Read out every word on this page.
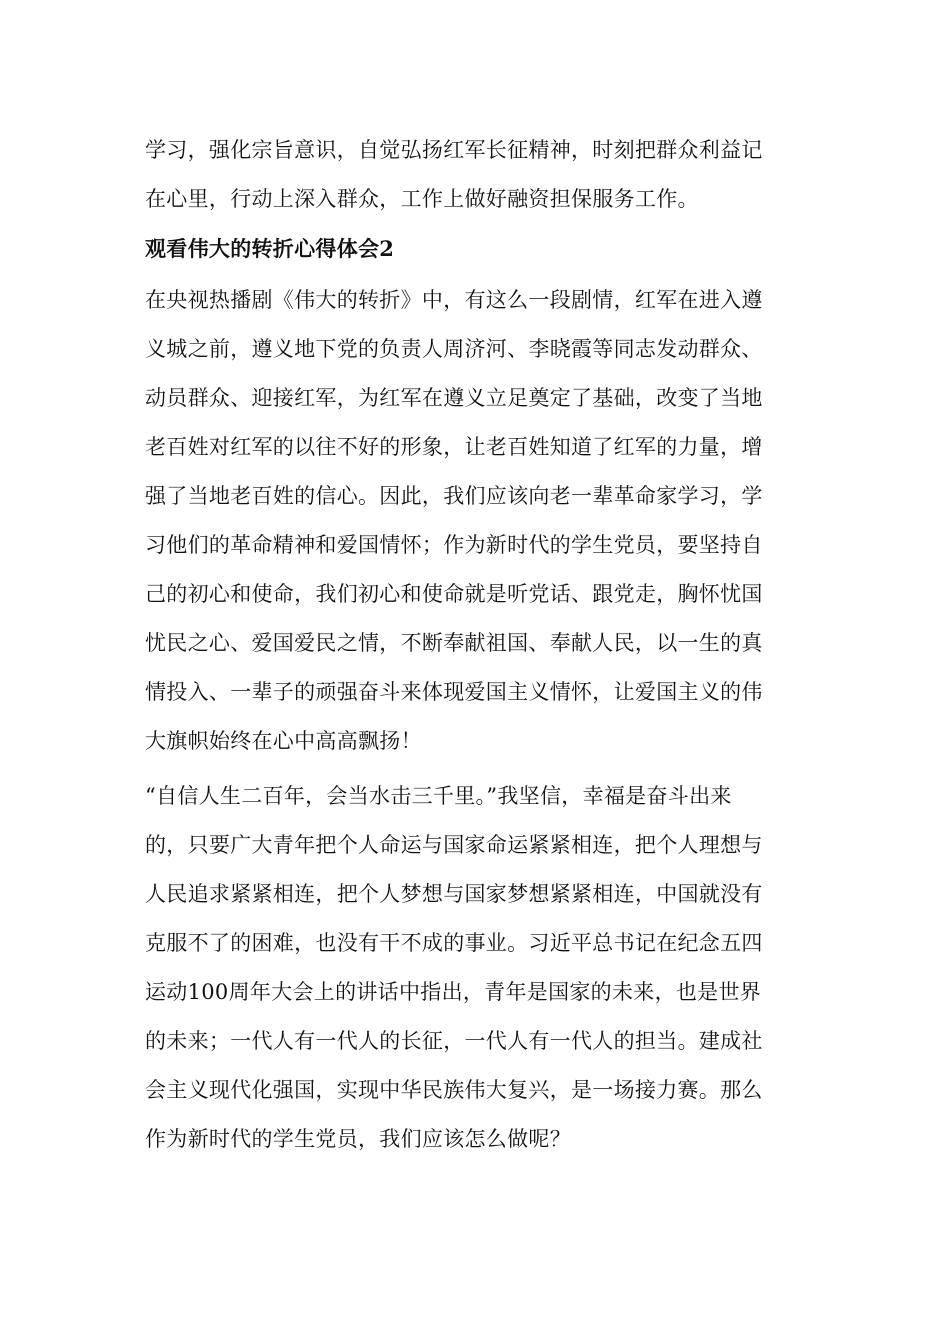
学习，强化宗旨意识，自觉弘扬红军长征精神，时刻把群众利益记
在心里，行动上深入群众，工作上做好融资担保服务工作。
观看伟大的转折心得体会2
在央视热播剧《伟大的转折》中，有这么一段剧情，红军在进入遵
义城之前，遵义地下党的负责人周济河、李晓霞等同志发动群众、
动员群众、迎接红军，为红军在遵义立足奠定了基础，改变了当地
老百姓对红军的以往不好的形象，让老百姓知道了红军的力量，增
强了当地老百姓的信心。因此，我们应该向老一辈革命家学习，学
习他们的革命精神和爱国情怀；作为新时代的学生党员，要坚持自
己的初心和使命，我们初心和使命就是听党话、跟党走，胸怀忧国
忧民之心、爱国爱民之情，不断奉献祖国、奉献人民，以一生的真
情投入、一辈子的顽强奋斗来体现爱国主义情怀，让爱国主义的伟
大旗帜始终在心中高高飘扬！
“自信人生二百年，会当水击三千里。”我坚信，幸福是奋斗出来
的，只要广大青年把个人命运与国家命运紧紧相连，把个人理想与
人民追求紧紧相连，把个人梦想与国家梦想紧紧相连，中国就没有
克服不了的困难，也没有干不成的事业。习近平总书记在纪念五四
运动100周年大会上的讲话中指出，青年是国家的未来，也是世界
的未来；一代人有一代人的长征，一代人有一代人的担当。建成社
会主义现代化强国，实现中华民族伟大复兴，是一场接力赛。那么
作为新时代的学生党员，我们应该怎么做呢？
